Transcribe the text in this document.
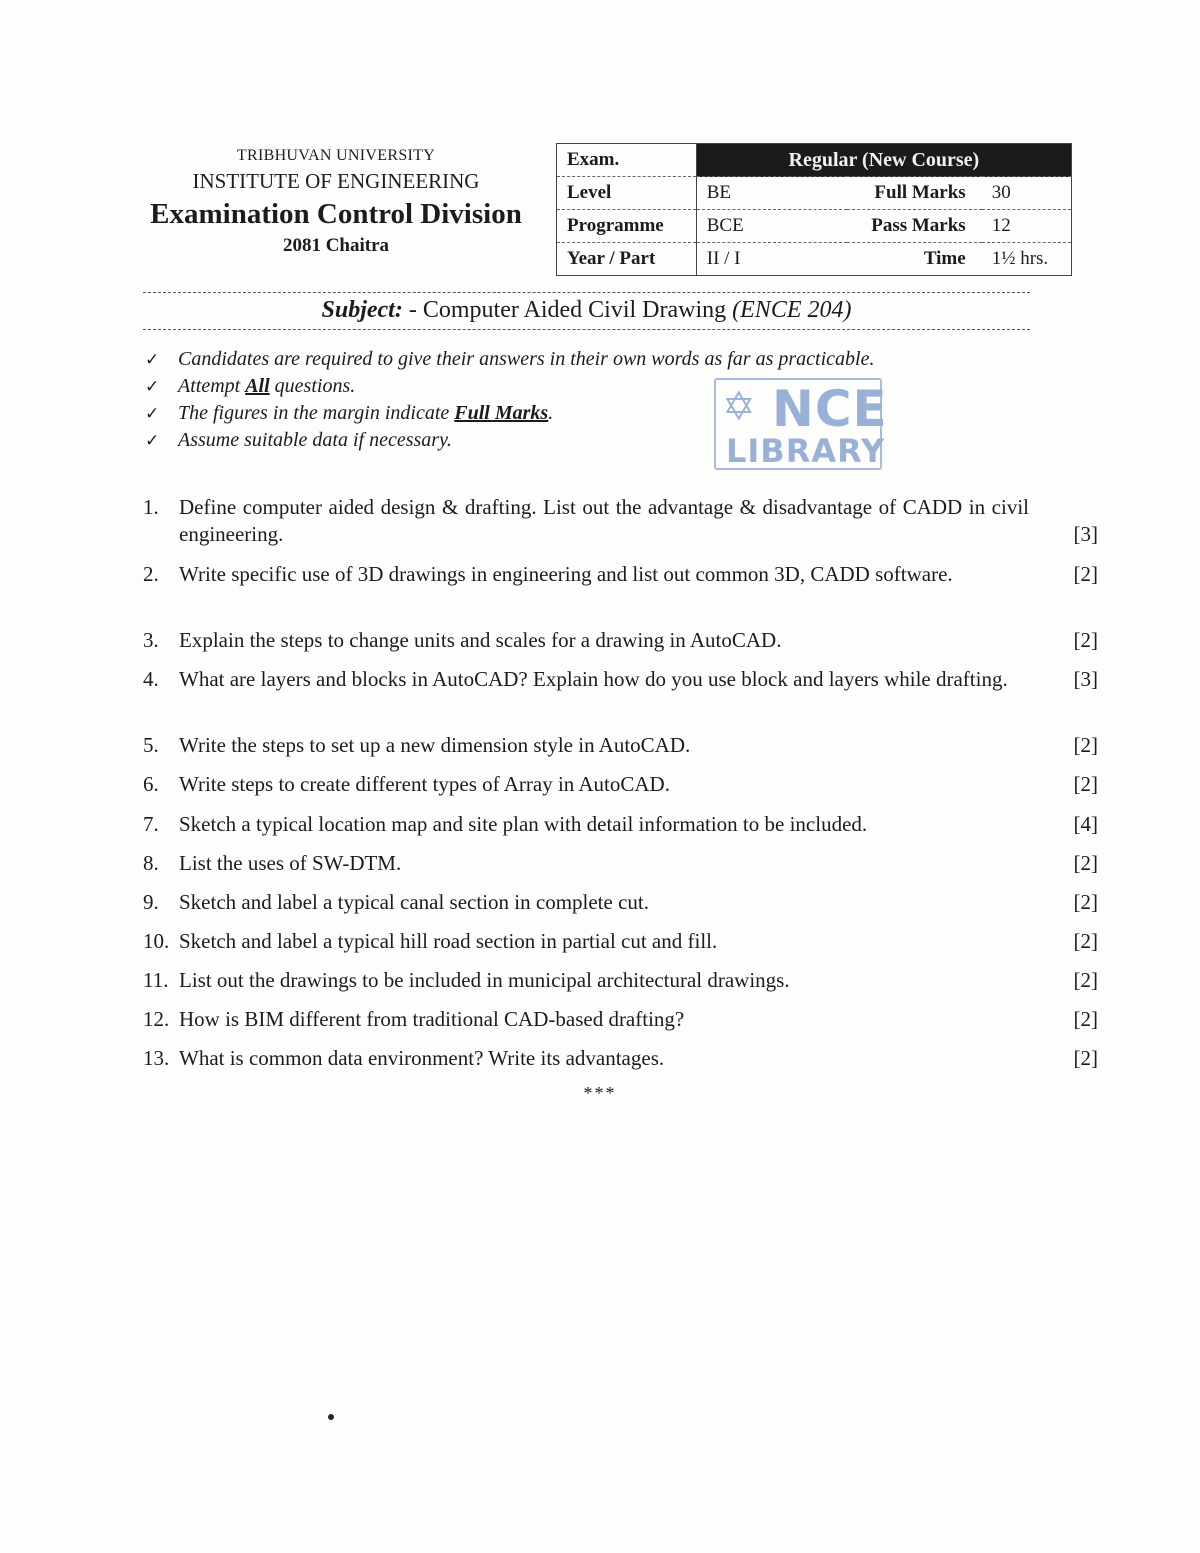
TRIBHUVAN UNIVERSITY
INSTITUTE OF ENGINEERING
Examination Control Division
2081 Chaitra
Exam.	Regular (New Course)		
Level	BE	Full Marks	30
Programme	BCE	Pass Marks	12
Year / Part	II / I	Time	1½ hrs.
Subject: - Computer Aided Civil Drawing (ENCE 204)
✓ Candidates are required to give their answers in their own words as far as practicable.
✓ Attempt All questions.
✓ The figures in the margin indicate Full Marks.
✓ Assume suitable data if necessary.
✡ NCE
LIBRARY
1. Define computer aided design & drafting. List out the advantage & disadvantage of CADD in civil engineering.	[3]
2. Write specific use of 3D drawings in engineering and list out common 3D, CADD software.	[2]
3. Explain the steps to change units and scales for a drawing in AutoCAD.	[2]
4. What are layers and blocks in AutoCAD? Explain how do you use block and layers while drafting.	[3]
5. Write the steps to set up a new dimension style in AutoCAD.	[2]
6. Write steps to create different types of Array in AutoCAD.	[2]
7. Sketch a typical location map and site plan with detail information to be included.	[4]
8. List the uses of SW-DTM.	[2]
9. Sketch and label a typical canal section in complete cut.	[2]
10. Sketch and label a typical hill road section in partial cut and fill.	[2]
11. List out the drawings to be included in municipal architectural drawings.	[2]
12. How is BIM different from traditional CAD-based drafting?	[2]
13. What is common data environment? Write its advantages.	[2]
***
